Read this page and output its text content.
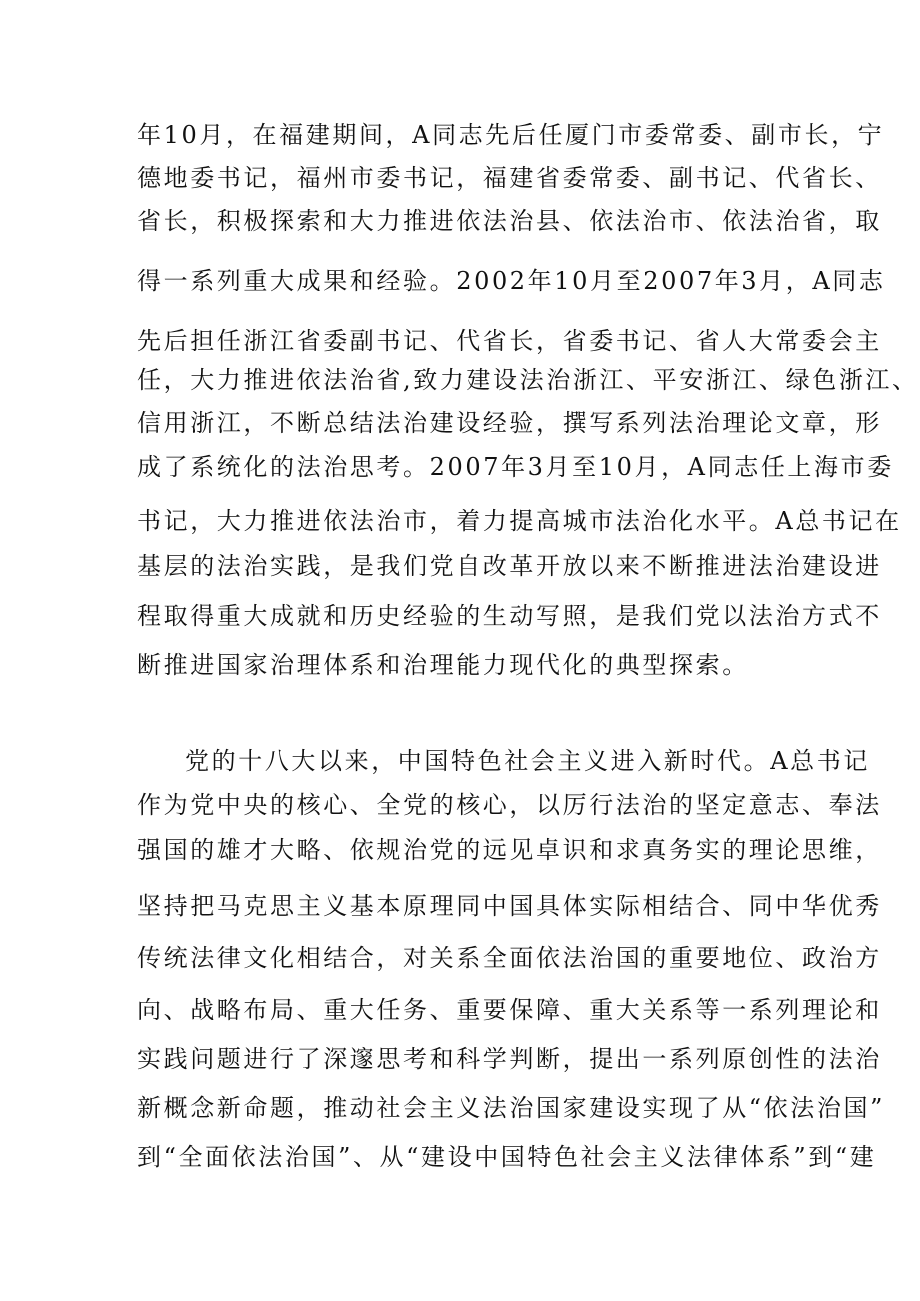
年10月，在福建期间，A同志先后任厦门市委常委、副市长，宁
德地委书记，福州市委书记，福建省委常委、副书记、代省长、
省长，积极探索和大力推进依法治县、依法治市、依法治省，取
得一系列重大成果和经验。2002年10月至2007年3月，A同志
先后担任浙江省委副书记、代省长，省委书记、省人大常委会主
任，大力推进依法治省,致力建设法治浙江、平安浙江、绿色浙江、
信用浙江，不断总结法治建设经验，撰写系列法治理论文章，形
成了系统化的法治思考。2007年3月至10月，A同志任上海市委
书记，大力推进依法治市，着力提高城市法治化水平。A总书记在
基层的法治实践，是我们党自改革开放以来不断推进法治建设进
程取得重大成就和历史经验的生动写照，是我们党以法治方式不
断推进国家治理体系和治理能力现代化的典型探索。
党的十八大以来，中国特色社会主义进入新时代。A总书记
作为党中央的核心、全党的核心，以厉行法治的坚定意志、奉法
强国的雄才大略、依规治党的远见卓识和求真务实的理论思维，
坚持把马克思主义基本原理同中国具体实际相结合、同中华优秀
传统法律文化相结合，对关系全面依法治国的重要地位、政治方
向、战略布局、重大任务、重要保障、重大关系等一系列理论和
实践问题进行了深邃思考和科学判断，提出一系列原创性的法治
新概念新命题，推动社会主义法治国家建设实现了从“依法治国”
到“全面依法治国”、从“建设中国特色社会主义法律体系”到“建
